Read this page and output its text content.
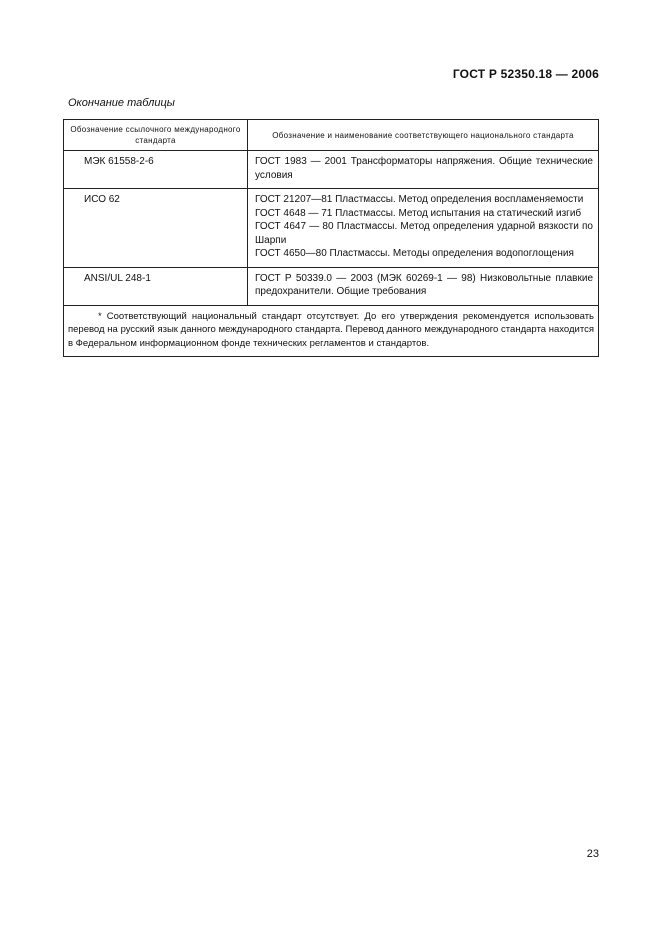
ГОСТ Р 52350.18 — 2006
Окончание таблицы
Обозначение ссылочного международного стандарта	Обозначение и наименование соответствующего национального стандарта
МЭК 61558-2-6	ГОСТ 1983 — 2001 Трансформаторы напряжения. Общие технические условия

ИСО 62	ГОСТ 21207—81 Пластмассы. Метод определения воспламеняемости
ГОСТ 4648 — 71 Пластмассы. Метод испытания на статический изгиб
ГОСТ 4647 — 80 Пластмассы. Метод определения ударной вязкости по Шарпи
ГОСТ 4650—80 Пластмассы. Методы определения водопоглощения

ANSI/UL 248-1	ГОСТ Р 50339.0 — 2003 (МЭК 60269-1 — 98) Низковольтные плавкие предохранители. Общие требования

* Соответствующий национальный стандарт отсутствует. До его утверждения рекомендуется использовать перевод на русский язык данного международного стандарта. Перевод данного международного стандарта находится в Федеральном информационном фонде технических регламентов и стандартов.	
23
